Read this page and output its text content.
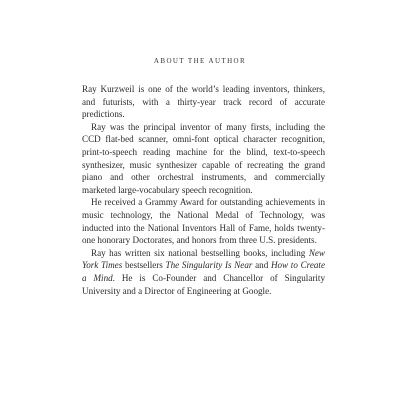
ABOUT THE AUTHOR

Ray Kurzweil is one of the world’s leading inventors, thinkers, and futurists, with a thirty-year track record of accurate predictions.

Ray was the principal inventor of many firsts, including the CCD flat-bed scanner, omni-font optical character recognition, print-to-speech reading machine for the blind, text-to-speech synthesizer, music synthesizer capable of recreating the grand piano and other orchestral instruments, and commercially marketed large-vocabulary speech recognition.

He received a Grammy Award for outstanding achievements in music technology, the National Medal of Technology, was inducted into the National Inventors Hall of Fame, holds twenty-one honorary Doctorates, and honors from three U.S. presidents.

Ray has written six national bestselling books, including New York Times bestsellers The Singularity Is Near and How to Create a Mind. He is Co-Founder and Chancellor of Singularity University and a Director of Engineering at Google.
